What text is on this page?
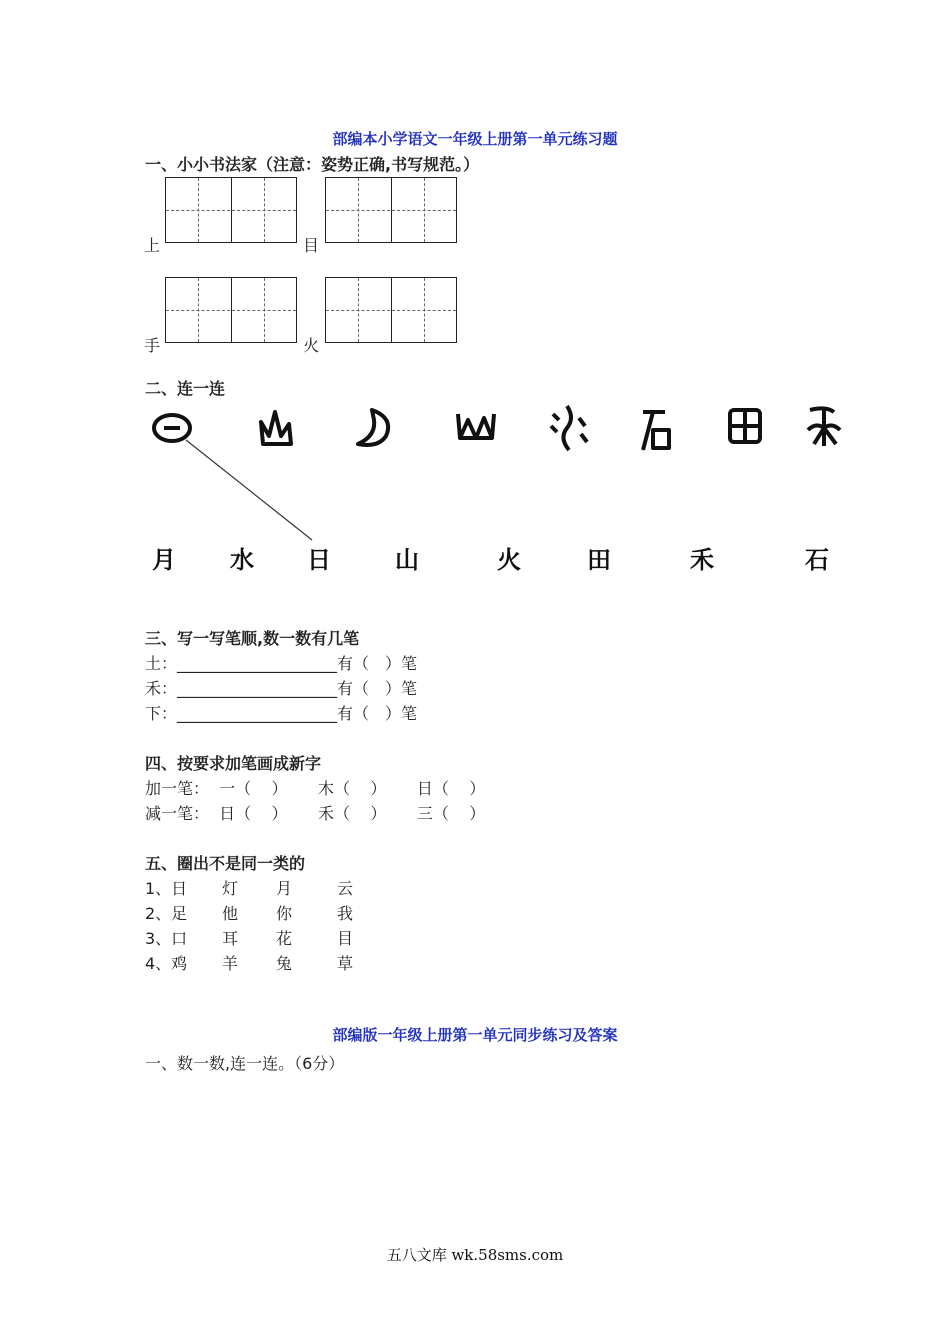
部编本小学语文一年级上册第一单元练习题
一、小小书法家（注意：姿势正确,书写规范。）
上	目
手	火
二、连一连
月 水 日	山	火	田	禾	石
三、写一写笔顺,数一数有几笔
土：____________________有（　）笔
禾：____________________有（　）笔
下：____________________有（　）笔
四、按要求加笔画成新字
加一笔：  一（    ）      木（    ）      日（    ）
减一笔：  日（    ）      禾（    ）      三（    ）
五、圈出不是同一类的
1、日 灯 月	云
2、足 他 你	我
3、口 耳 花	目
4、鸡 羊 兔	草
部编版一年级上册第一单元同步练习及答案
一、数一数,连一连。（6分）
五八文库 wk.58sms.com
